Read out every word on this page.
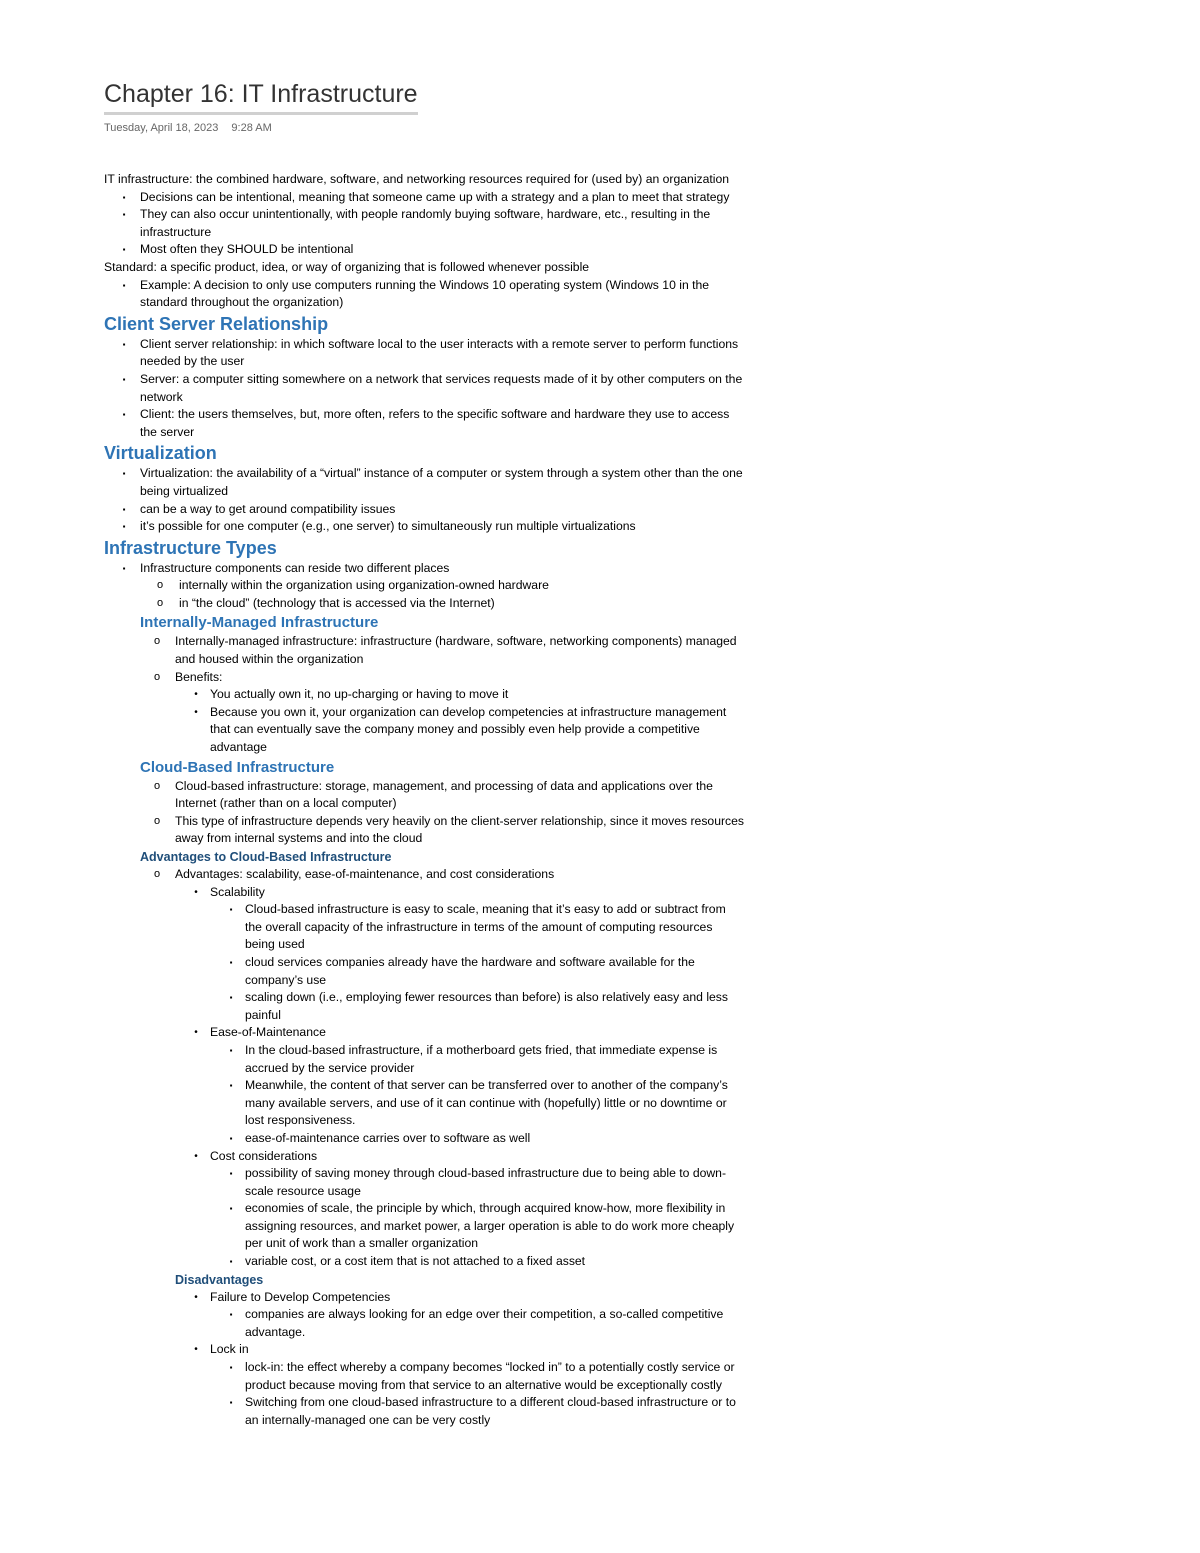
Chapter 16: IT Infrastructure
Tuesday, April 18, 2023 9:28 AM

IT infrastructure: the combined hardware, software, and networking resources required for (used by) an organization

▪	Decisions can be intentional, meaning that someone came up with a strategy and a plan to meet that strategy
▪	They can also occur unintentionally, with people randomly buying software, hardware, etc., resulting in the infrastructure
▪	Most often they SHOULD be intentional

Standard: a specific product, idea, or way of organizing that is followed whenever possible

▪	Example: A decision to only use computers running the Windows 10 operating system (Windows 10 in the standard throughout the organization)
Client Server Relationship
▪	Client server relationship: in which software local to the user interacts with a remote server to perform functions needed by the user
▪	Server: a computer sitting somewhere on a network that services requests made of it by other computers on the network
▪	Client: the users themselves, but, more often, refers to the specific software and hardware they use to access the server
Virtualization
▪	Virtualization: the availability of a “virtual” instance of a computer or system through a system other than the one being virtualized
▪	can be a way to get around compatibility issues
▪	it’s possible for one computer (e.g., one server) to simultaneously run multiple virtualizations
Infrastructure Types
▪	Infrastructure components can reside two different places
o internally within the organization using organization-owned hardware
o in “the cloud” (technology that is accessed via the Internet)
Internally-Managed Infrastructure
o Internally-managed infrastructure: infrastructure (hardware, software, networking components) managed and housed within the organization
o Benefits:
•	You actually own it, no up-charging or having to move it
•	Because you own it, your organization can develop competencies at infrastructure management that can eventually save the company money and possibly even help provide a competitive advantage
Cloud-Based Infrastructure
o Cloud-based infrastructure: storage, management, and processing of data and applications over the Internet (rather than on a local computer)
o This type of infrastructure depends very heavily on the client-server relationship, since it moves resources away from internal systems and into the cloud
Advantages to Cloud-Based Infrastructure
o Advantages: scalability, ease-of-maintenance, and cost considerations
•	Scalability
▪	Cloud-based infrastructure is easy to scale, meaning that it’s easy to add or subtract from the overall capacity of the infrastructure in terms of the amount of computing resources being used
▪	cloud services companies already have the hardware and software available for the company’s use
▪	scaling down (i.e., employing fewer resources than before) is also relatively easy and less painful
•	Ease-of-Maintenance
▪	In the cloud-based infrastructure, if a motherboard gets fried, that immediate expense is accrued by the service provider
▪	Meanwhile, the content of that server can be transferred over to another of the company’s many available servers, and use of it can continue with (hopefully) little or no downtime or lost responsiveness.
▪	ease-of-maintenance carries over to software as well
•	Cost considerations
▪	possibility of saving money through cloud-based infrastructure due to being able to down-scale resource usage
▪	economies of scale, the principle by which, through acquired know-how, more flexibility in assigning resources, and market power, a larger operation is able to do work more cheaply per unit of work than a smaller organization
▪	variable cost, or a cost item that is not attached to a fixed asset
Disadvantages
•	Failure to Develop Competencies
▪	companies are always looking for an edge over their competition, a so-called competitive advantage.
•	Lock in
▪	lock-in: the effect whereby a company becomes “locked in” to a potentially costly service or product because moving from that service to an alternative would be exceptionally costly
▪	Switching from one cloud-based infrastructure to a different cloud-based infrastructure or to an internally-managed one can be very costly
